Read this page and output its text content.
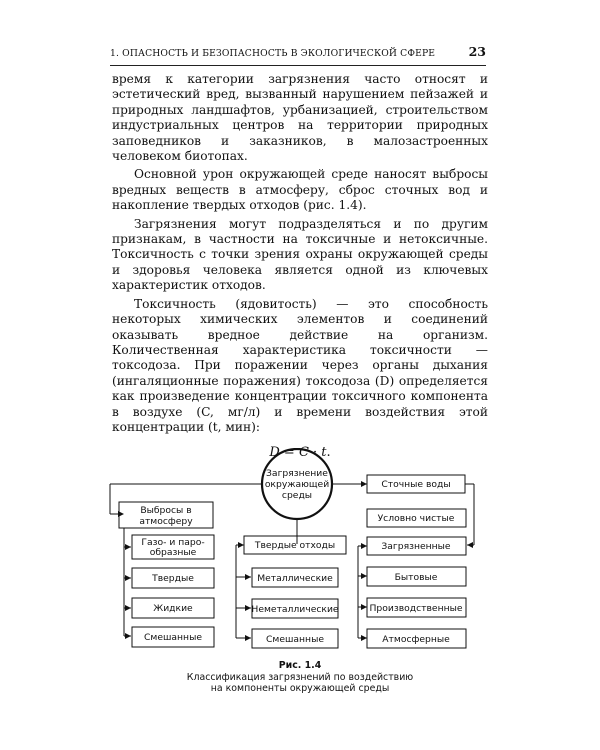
1. ОПАСНОСТЬ И БЕЗОПАСНОСТЬ В ЭКОЛОГИЧЕСКОЙ СФЕРЕ	23

время к категории загрязнения часто относят и эстетический вред, вызванный нарушением пейзажей и природных ландшафтов, урбанизацией, строительством индустриальных центров на территории природных заповедников и заказников, в малозастроенных человеком биотопах.

Основной урон окружающей среде наносят выбросы вредных веществ в атмосферу, сброс сточных вод и накопление твердых отходов (рис. 1.4).

Загрязнения могут подразделяться и по другим признакам, в частности на токсичные и нетоксичные. Токсичность с точки зрения охраны окружающей среды и здоровья человека является одной из ключевых характеристик отходов.

Токсичность (ядовитость) — это способность некоторых химических элементов и соединений оказывать вредное действие на организм. Количественная характеристика токсичности — токсодоза. При поражении через органы дыхания (ингаляционные поражения) токсодоза (D) определяется как произведение концентрации токсичного компонента в воздухе (C, мг/л) и времени воздействия этой концентрации (t, мин):

D = C · t.
Загрязнение
окружающей
среды
Выбросы в
атмосферу
Газо- и паро-
образные
Твердые
Жидкие
Смешанные
Твердые отходы
Металлические
Неметаллические
Смешанные
Сточные воды
Условно чистые
Загрязненные
Бытовые
Производственные
Атмосферные
Рис. 1.4
Классификация загрязнений по воздействию
на компоненты окружающей среды
